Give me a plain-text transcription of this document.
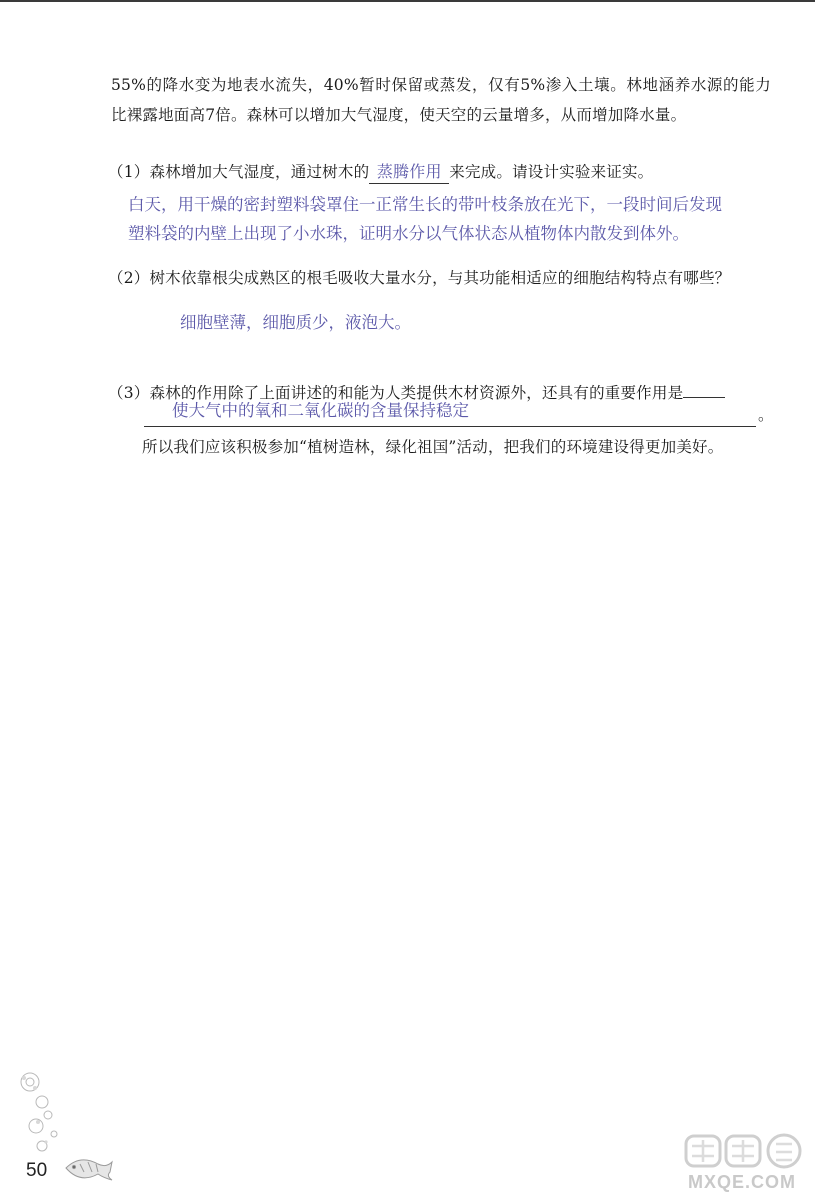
55%的降水变为地表水流失，40%暂时保留或蒸发，仅有5%渗入土壤。林地涵养水源的能力比裸露地面高7倍。森林可以增加大气湿度，使天空的云量增多，从而增加降水量。

（1）森林增加大气湿度，通过树木的 蒸腾作用 来完成。请设计实验来证实。
白天，用干燥的密封塑料袋罩住一正常生长的带叶枝条放在光下，一段时间后发现塑料袋的内壁上出现了小水珠，证明水分以气体状态从植物体内散发到体外。
（2）树木依靠根尖成熟区的根毛吸收大量水分，与其功能相适应的细胞结构特点有哪些？
细胞壁薄，细胞质少，液泡大。
（3）森林的作用除了上面讲述的和能为人类提供木材资源外，还具有的重要作用是
使大气中的氧和二氧化碳的含量保持稳定	。

所以我们应该积极参加“植树造林，绿化祖国”活动，把我们的环境建设得更加美好。

50
MXQE.COM
